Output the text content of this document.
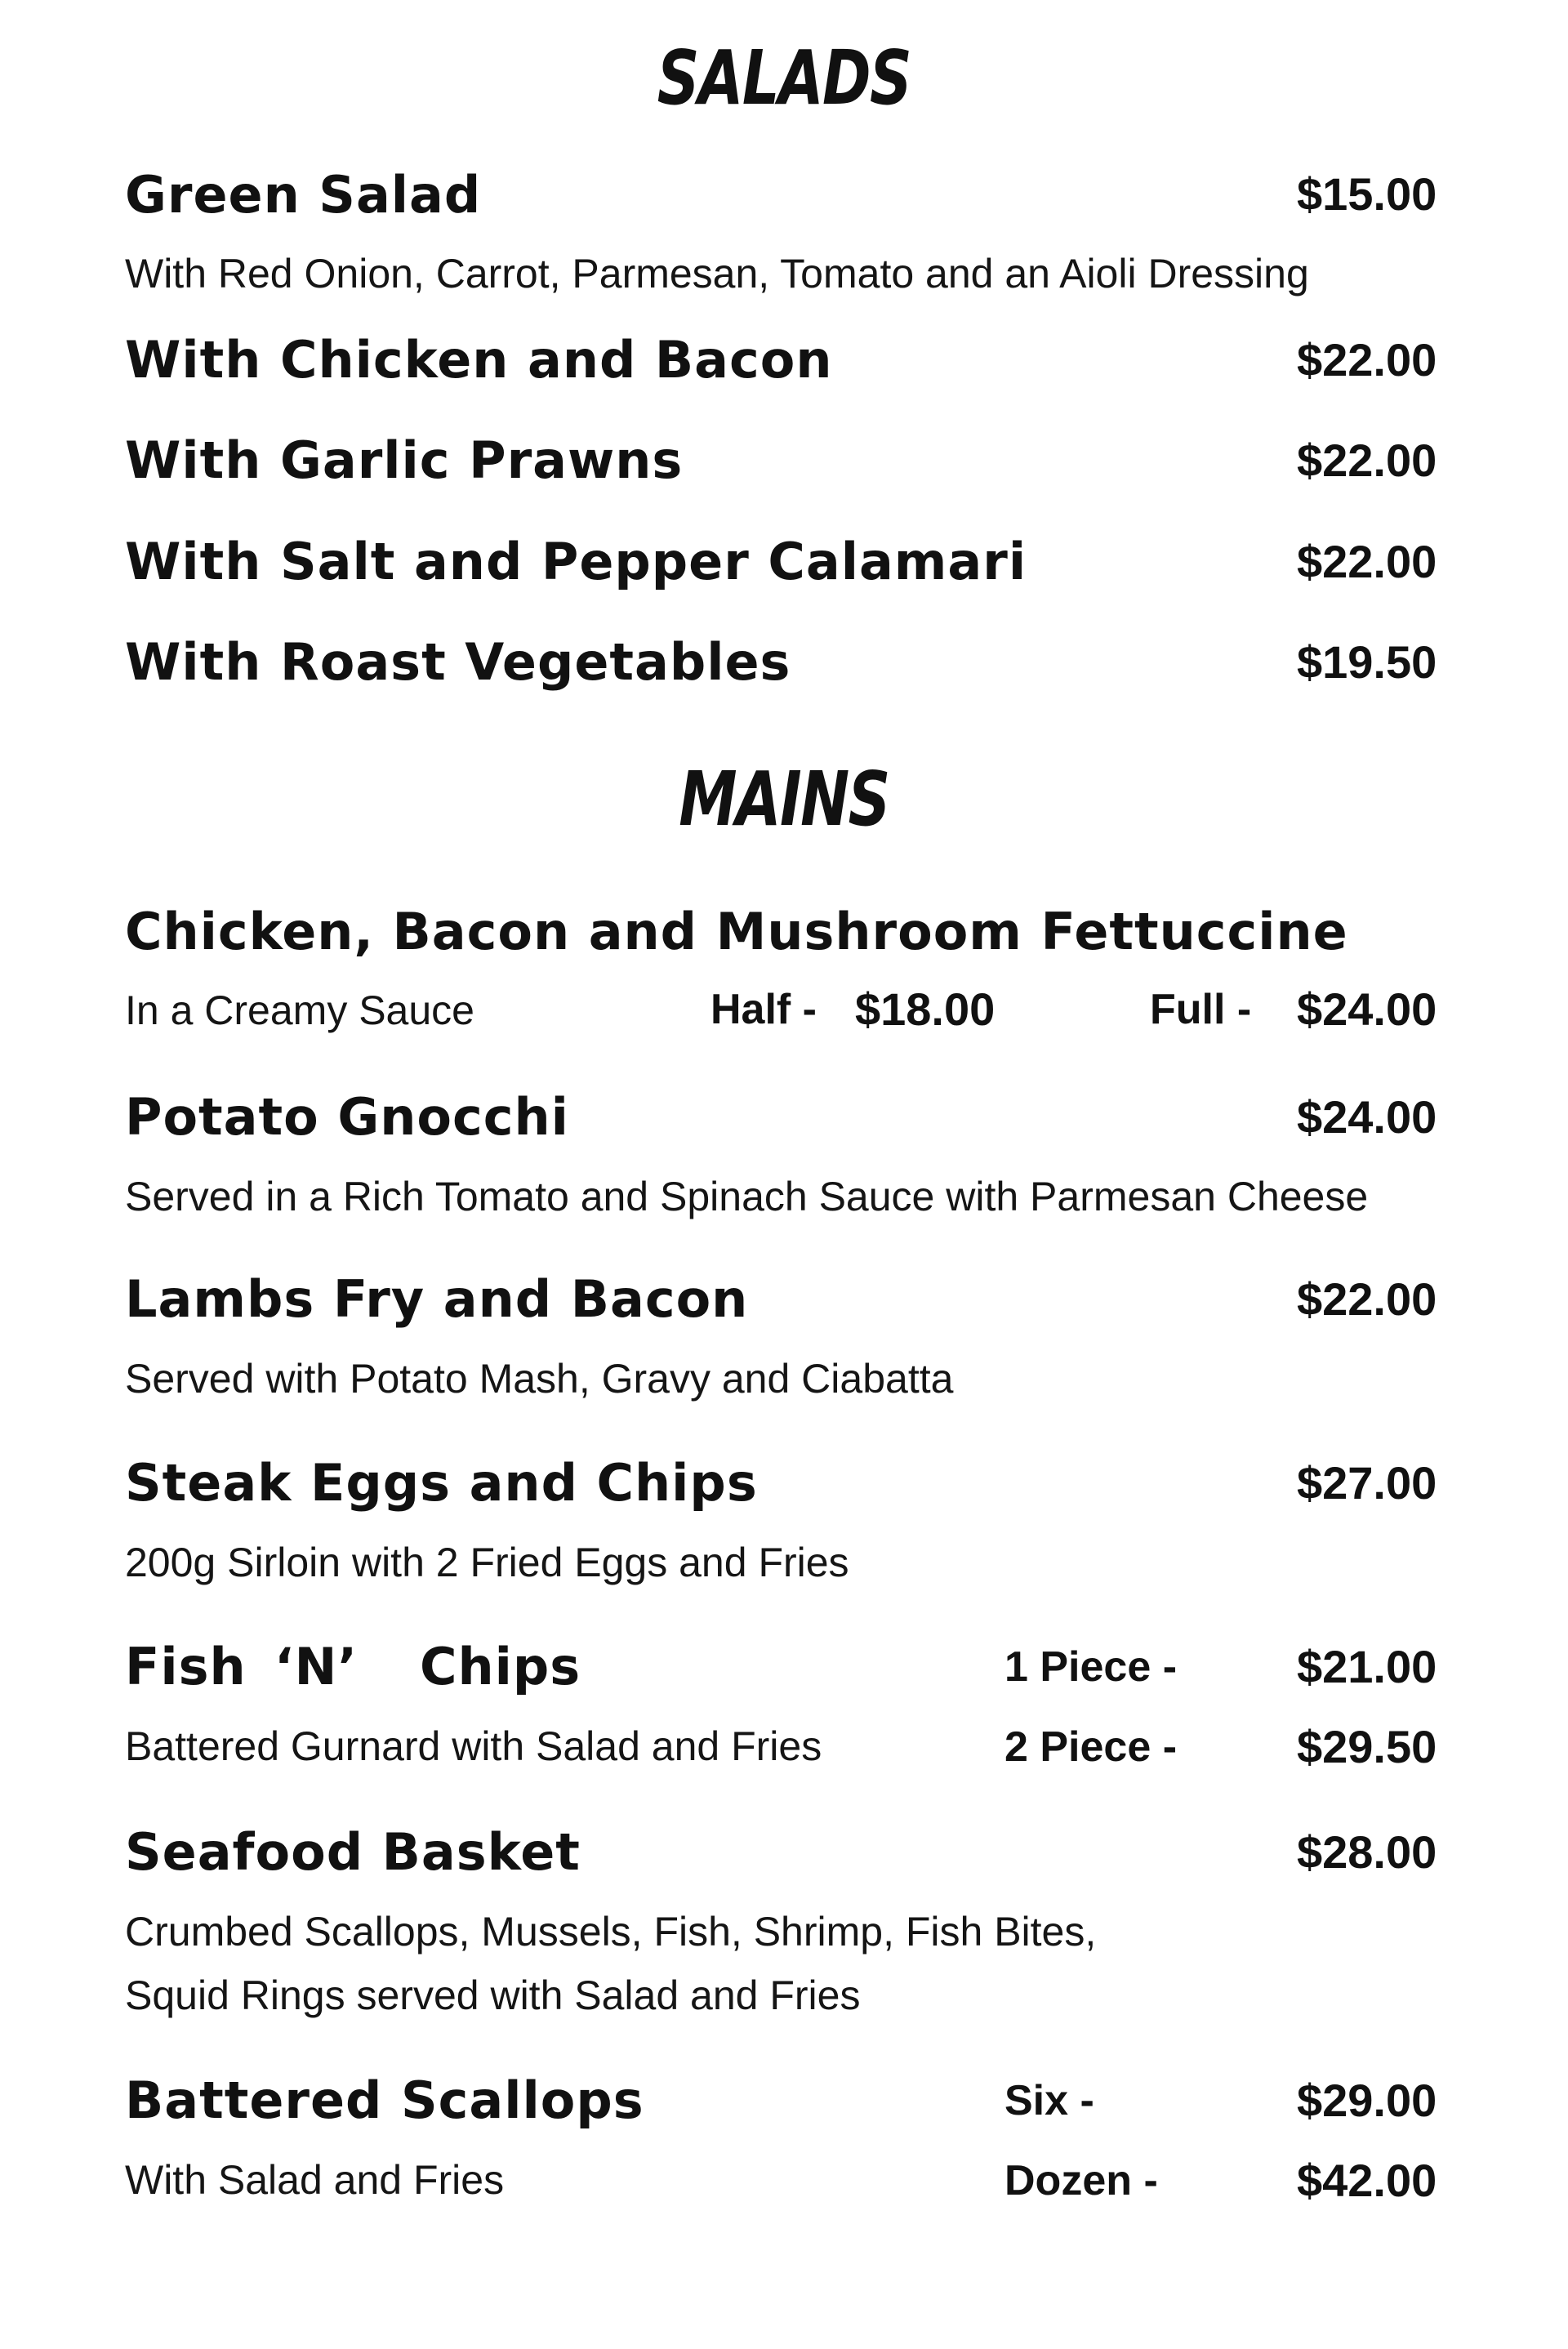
SALADS
Green Salad	$15.00
With Red Onion, Carrot, Parmesan, Tomato and an Aioli Dressing
With Chicken and Bacon	$22.00
With Garlic Prawns	$22.00
With Salt and Pepper Calamari	$22.00
With Roast Vegetables	$19.50
MAINS
Chicken, Bacon and Mushroom Fettuccine
In a Creamy Sauce	Half - $18.00	Full - $24.00
Potato Gnocchi	$24.00
Served in a Rich Tomato and Spinach Sauce with Parmesan Cheese
Lambs Fry and Bacon	$22.00
Served with Potato Mash, Gravy and Ciabatta
Steak Eggs and Chips	$27.00
200g Sirloin with 2 Fried Eggs and Fries
Fish ‘N’ Chips	1 Piece -	$21.00
Battered Gurnard with Salad and Fries	2 Piece -	$29.50
Seafood Basket	$28.00
Crumbed Scallops, Mussels, Fish, Shrimp, Fish Bites,
Squid Rings served with Salad and Fries
Battered Scallops	Six -	$29.00
With Salad and Fries	Dozen -	$42.00
